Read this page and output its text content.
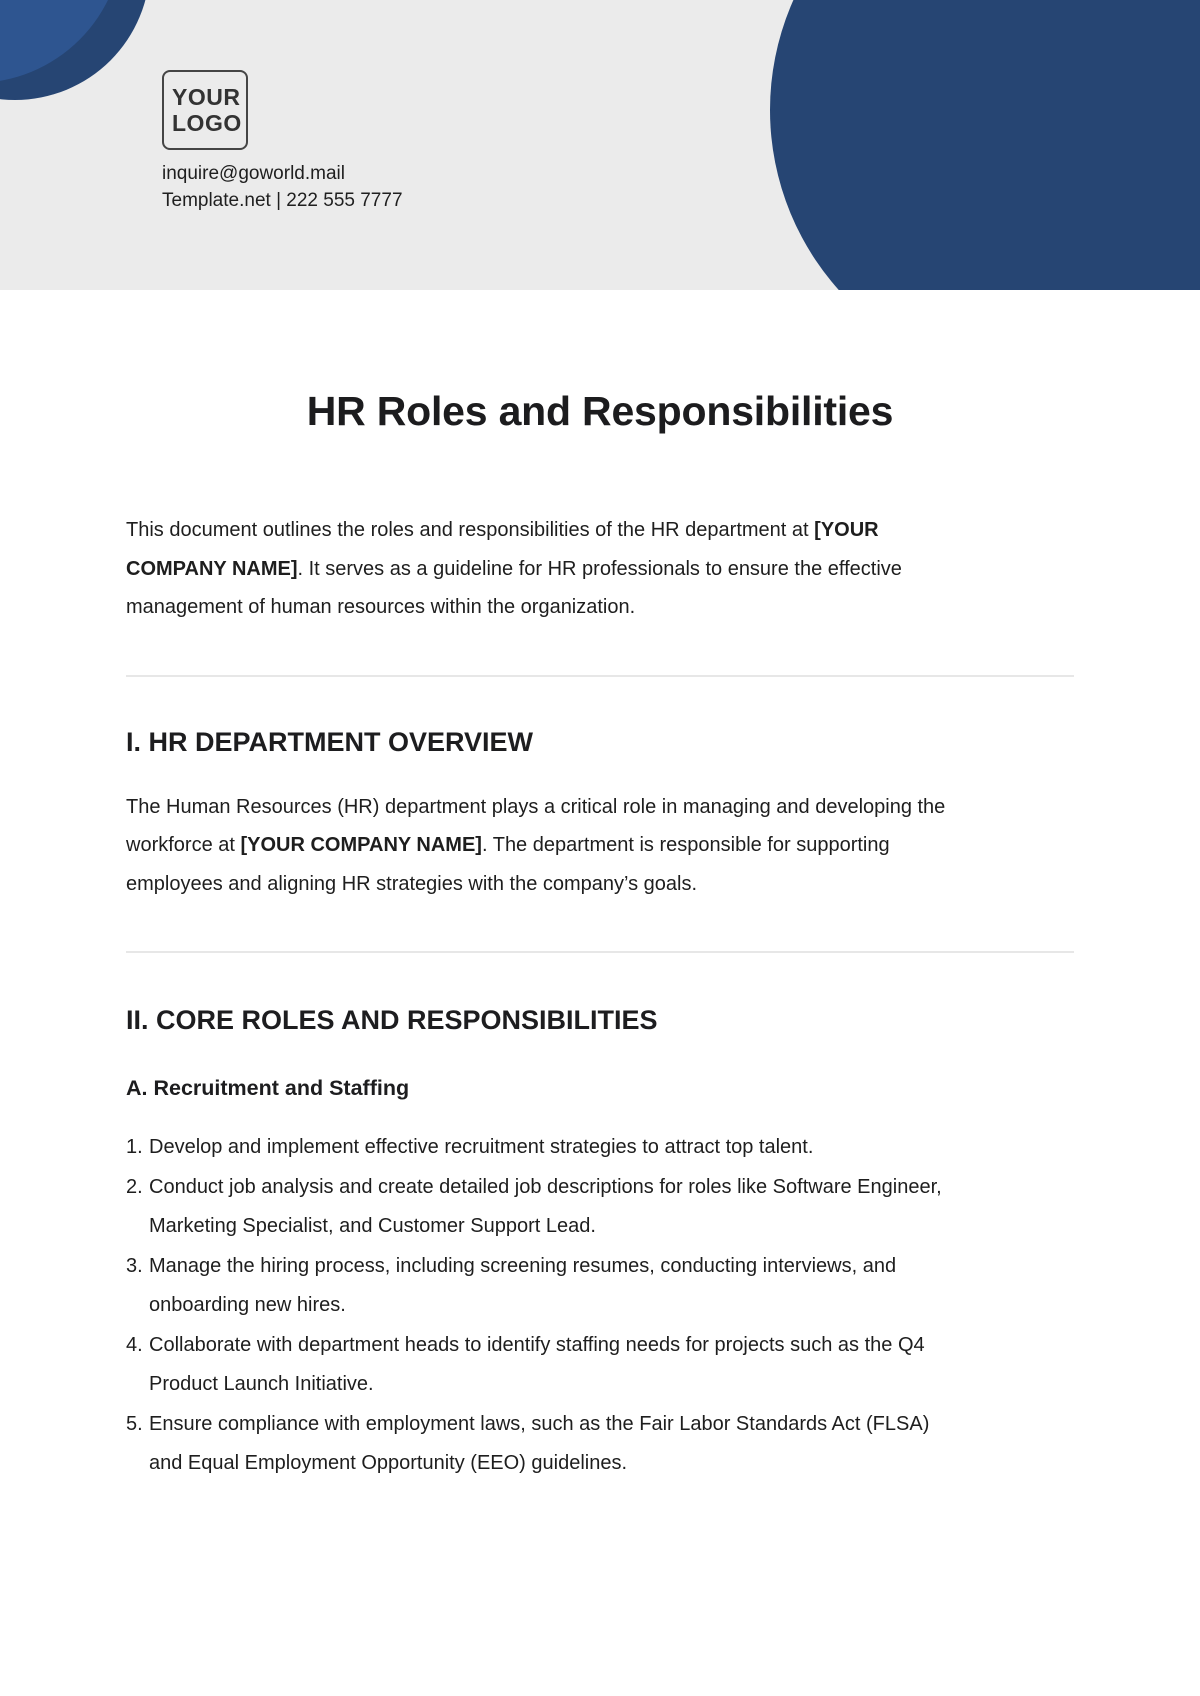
YOUR
LOGO
inquire@goworld.mail
Template.net | 222 555 7777
HR Roles and Responsibilities

This document outlines the roles and responsibilities of the HR department at [YOUR COMPANY NAME]. It serves as a guideline for HR professionals to ensure the effective management of human resources within the organization.

I. HR DEPARTMENT OVERVIEW

The Human Resources (HR) department plays a critical role in managing and developing the workforce at [YOUR COMPANY NAME]. The department is responsible for supporting employees and aligning HR strategies with the company’s goals.

II. CORE ROLES AND RESPONSIBILITIES
A. Recruitment and Staffing
1. Develop and implement effective recruitment strategies to attract top talent.
2. Conduct job analysis and create detailed job descriptions for roles like Software Engineer, Marketing Specialist, and Customer Support Lead.
3. Manage the hiring process, including screening resumes, conducting interviews, and onboarding new hires.
4. Collaborate with department heads to identify staffing needs for projects such as the Q4 Product Launch Initiative.
5. Ensure compliance with employment laws, such as the Fair Labor Standards Act (FLSA) and Equal Employment Opportunity (EEO) guidelines.
